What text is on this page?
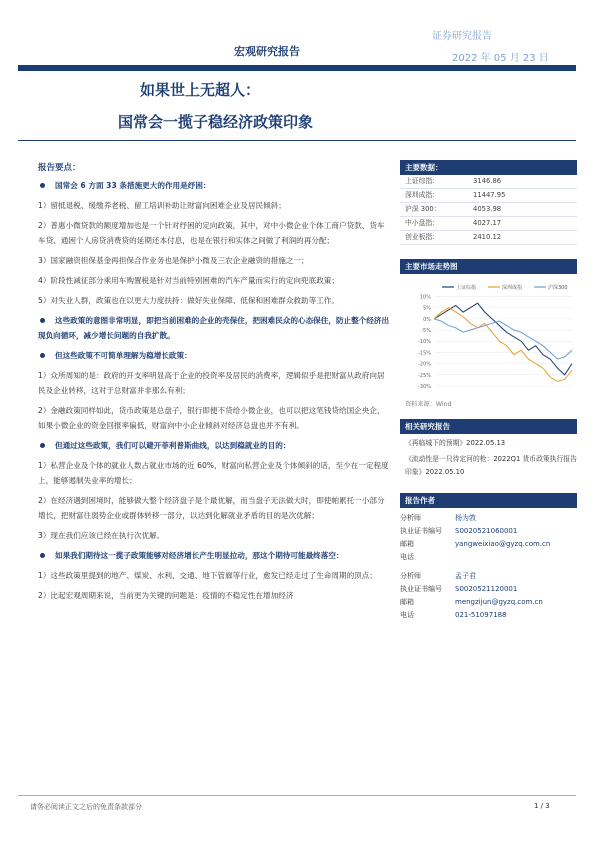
证券研究报告
宏观研究报告
2022 年 05 月 23 日
如果世上无超人：
国常会一揽子稳经济政策印象
报告要点：
国常会 6 方面 33 条措施更大的作用是纾困：
1）留抵退税、缓缴养老税、留工培训补助让财富向困难企业及居民倾斜；
2）普惠小微贷款的额度增加也是一个针对纾困的定向政策，其中，对中小微企业个体工商户贷款、货车车贷、通困个人房贷消费贷的延期还本付息，也是在银行和实体之间做了利润的再分配；
3）国家融资担保基金再担保合作业务也是保护小微及三农企业融资的措施之一；
4）阶段性减征部分乘用车购置税是针对当前特别困难的汽车产量而实行的定向兜底政策；
5）对失业人群，政策也在以更大力度扶持：做好失业保障、低保和困难群众救助等工作。
这些政策的意图非常明显，即把当前困难的企业的壳保住，把困难民众的心态保住，防止整个经济出现负向循环，减少增长问题的自我扩散。
但这些政策不可简单理解为稳增长政策：
1）众所周知的是：政府的开支率明显高于企业的投资率及居民的消费率，逻辑似乎是把财富从政府向居民及企业转移，这对于总财富并非那么有利；
2）金融政策同样如此，货币政策是总盘子，银行即便不贷给小微企业，也可以把这笔钱贷给国企央企，如果小微企业的资金回报率偏低，财富向中小企业倾斜对经济总盘也并不有利。
但通过这些政策，我们可以避开菲利普斯曲线，以达到稳就业的目的：
1）私营企业及个体的就业人数占就业市场的近 60%，财富向私营企业及个体倾斜的话，至少在一定程度上，能够遏制失业率的增长；
2）在经济遇到困境时，能够做大整个经济盘子是个最优解，而当盘子无法做大时，即使帕累托一小部分增长，把财富往弱势企业或群体转移一部分，以达到化解就业矛盾的目的是次优解；
3）现在我们应该已经在执行次优解。
如果我们期待这一揽子政策能够对经济增长产生明显拉动，那这个期待可能最终落空：
1）这些政策里提到的地产、煤炭、水利、交通、地下管廊等行业，愈发已经走过了生命周期的顶点；
2）比起宏观周期来说，当前更为关键的问题是：疫情的不稳定性在增加经济
主要数据：
上证综指：	3146.86
深圳成指：	11447.95
沪深 300：	4053.98
中小盘指：	4027.17
创业板指：	2410.12
主要市场走势图
10%
5%
0%
-5%
-10%
-15%
-20%
-25%
-30%
上证综指	深圳成指	沪深300
资料来源：Wind
相关研究报告
《再临城下的预期》2022.05.13
《流动性是一只待定河的枪：2022Q1 货币政策执行报告印象》2022.05.10
报告作者
分析师	杨为敩
执业证书编号	S0020521060001
邮箱	yangweixiao@gyzq.com.cn
电话
分析师	孟子君
执业证书编号	S0020521120001
邮箱	mengzijun@gyzq.com.cn
电话	021-51097188
请务必阅读正文之后的免责条款部分	1 / 3
